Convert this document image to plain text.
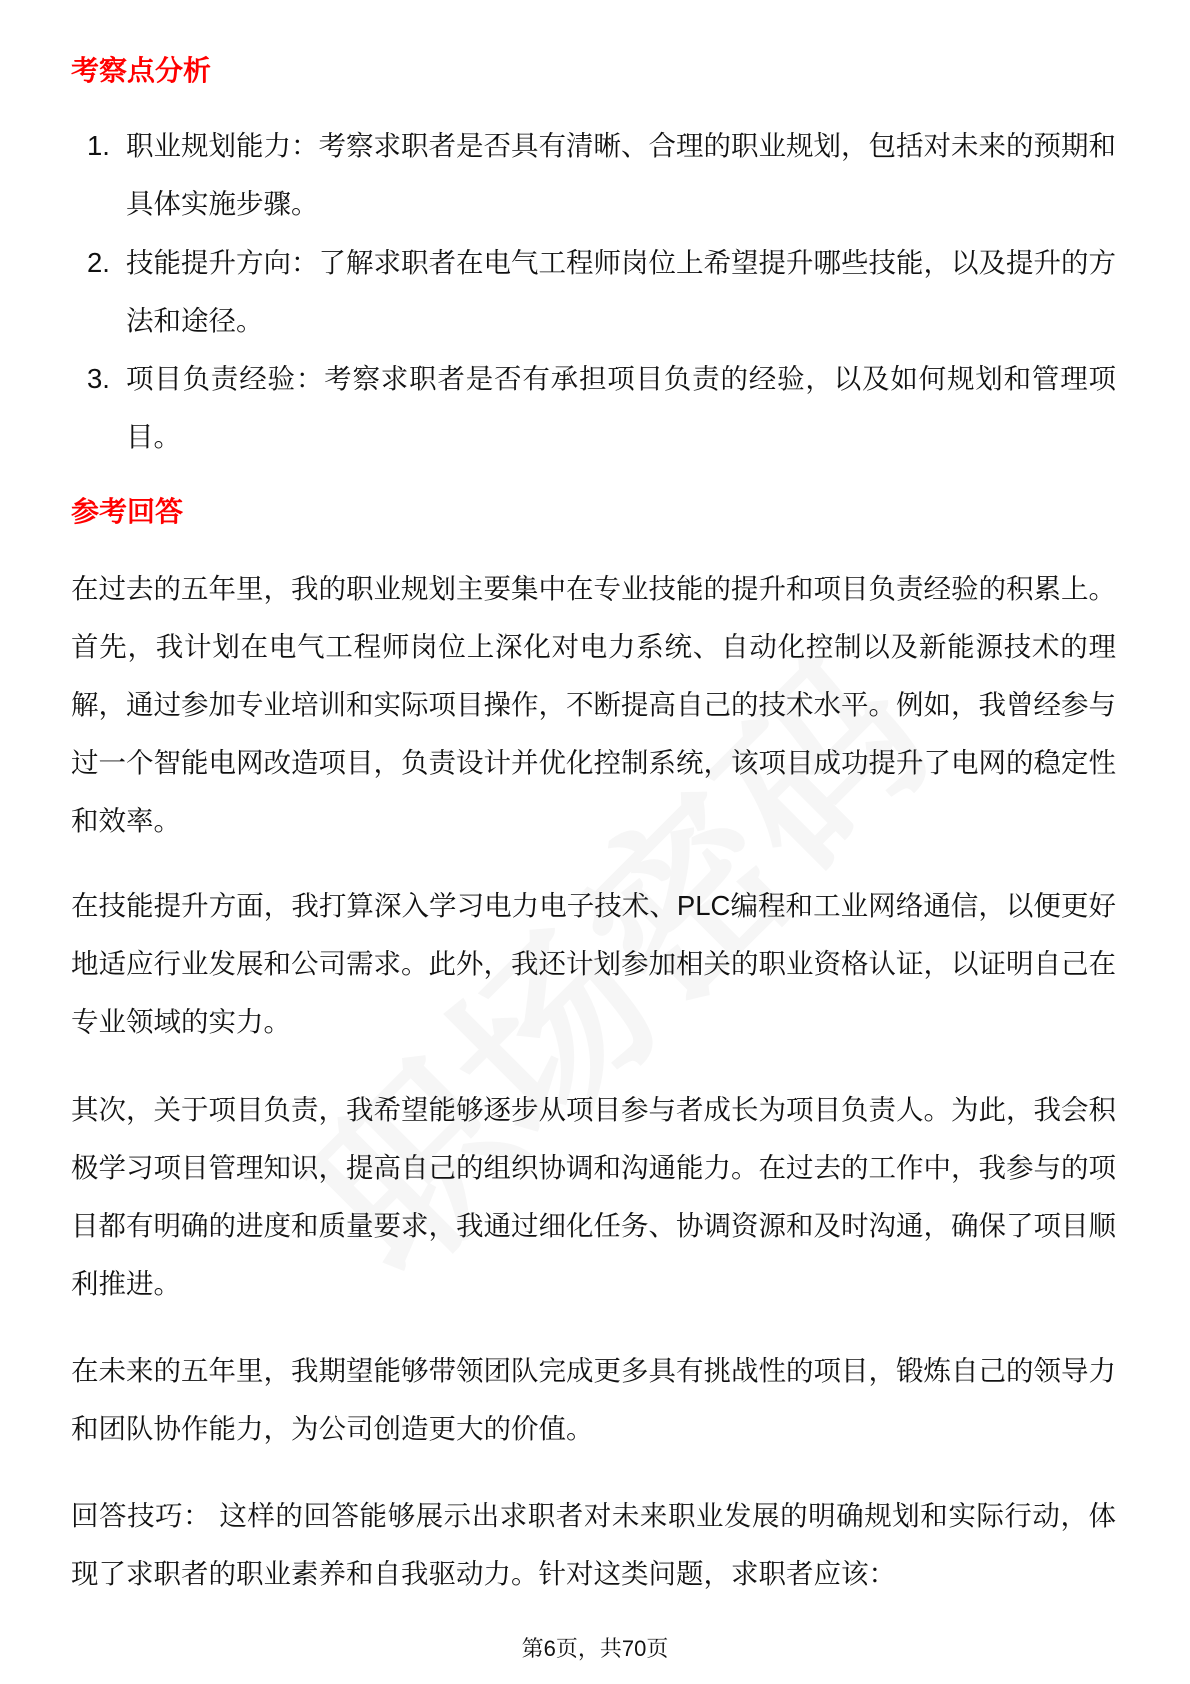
考察点分析
1. 职业规划能力：考察求职者是否具有清晰、合理的职业规划，包括对未来的预期和具体实施步骤。
2. 技能提升方向：了解求职者在电气工程师岗位上希望提升哪些技能，以及提升的方法和途径。
3. 项目负责经验：考察求职者是否有承担项目负责的经验，以及如何规划和管理项目。
参考回答
在过去的五年里，我的职业规划主要集中在专业技能的提升和项目负责经验的积累上。首先，我计划在电气工程师岗位上深化对电力系统、自动化控制以及新能源技术的理解，通过参加专业培训和实际项目操作，不断提高自己的技术水平。例如，我曾经参与过一个智能电网改造项目，负责设计并优化控制系统，该项目成功提升了电网的稳定性和效率。
在技能提升方面，我打算深入学习电力电子技术、PLC编程和工业网络通信，以便更好地适应行业发展和公司需求。此外，我还计划参加相关的职业资格认证，以证明自己在专业领域的实力。
其次，关于项目负责，我希望能够逐步从项目参与者成长为项目负责人。为此，我会积极学习项目管理知识，提高自己的组织协调和沟通能力。在过去的工作中，我参与的项目都有明确的进度和质量要求，我通过细化任务、协调资源和及时沟通，确保了项目顺利推进。
在未来的五年里，我期望能够带领团队完成更多具有挑战性的项目，锻炼自己的领导力和团队协作能力，为公司创造更大的价值。
回答技巧： 这样的回答能够展示出求职者对未来职业发展的明确规划和实际行动，体现了求职者的职业素养和自我驱动力。针对这类问题，求职者应该：
第6页，共70页
